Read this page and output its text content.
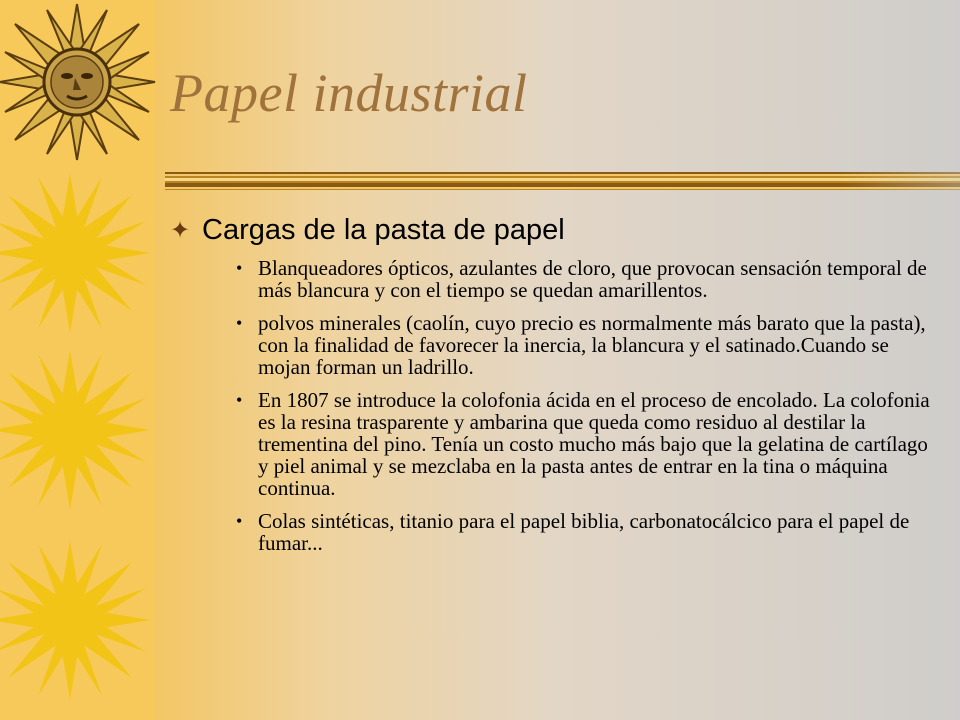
Papel industrial
✦ Cargas de la pasta de papel
• Blanqueadores ópticos, azulantes de cloro, que provocan sensación temporal de más blancura y con el tiempo se quedan amarillentos.
• polvos minerales (caolín, cuyo precio es normalmente más barato que la pasta), con la finalidad de favorecer la inercia, la blancura y el satinado.Cuando se mojan forman un ladrillo.
• En 1807 se introduce la colofonia ácida en el proceso de encolado. La colofonia es la resina trasparente y ambarina que queda como residuo al destilar la trementina del pino. Tenía un costo mucho más bajo que la gelatina de cartílago y piel animal y se mezclaba en la pasta antes de entrar en la tina o máquina continua.
• Colas sintéticas, titanio para el papel biblia, carbonatocálcico para el papel de fumar...
